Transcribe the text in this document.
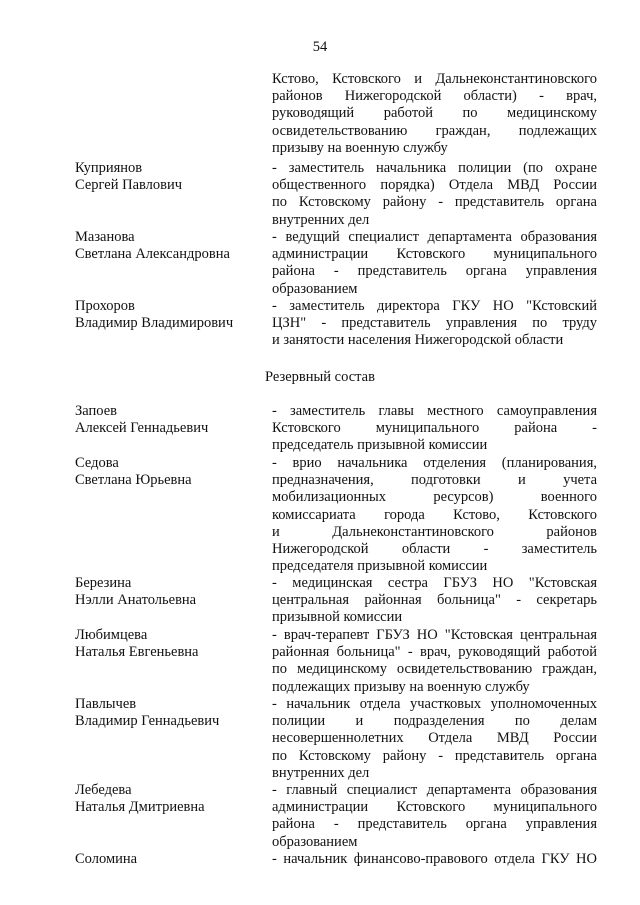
54
Кстово, Кстовского и Дальнеконстантиновского
районов Нижегородской области) - врач,
руководящий работой по медицинскому
освидетельствованию граждан, подлежащих
призыву на военную службу
Куприянов
Сергей Павлович
- заместитель начальника полиции (по охране
общественного порядка) Отдела МВД России
по Кстовскому району - представитель органа
внутренних дел
Мазанова
Светлана Александровна
- ведущий специалист департамента образования
администрации Кстовского муниципального
района - представитель органа управления
образованием
Прохоров
Владимир Владимирович
- заместитель директора ГКУ НО "Кстовский
ЦЗН" - представитель управления по труду
и занятости населения Нижегородской области
Резервный состав
Запоев
Алексей Геннадьевич
- заместитель главы местного самоуправления
Кстовского муниципального района -
председатель призывной комиссии
Седова
Светлана Юрьевна
- врио начальника отделения (планирования,
предназначения, подготовки и учета
мобилизационных ресурсов) военного
комиссариата города Кстово, Кстовского
и Дальнеконстантиновского районов
Нижегородской области - заместитель
председателя призывной комиссии
Березина
Нэлли Анатольевна
- медицинская сестра ГБУЗ НО "Кстовская
центральная районная больница" - секретарь
призывной комиссии
Любимцева
Наталья Евгеньевна
- врач-терапевт ГБУЗ НО "Кстовская центральная
районная больница" - врач, руководящий работой
по медицинскому освидетельствованию граждан,
подлежащих призыву на военную службу
Павлычев
Владимир Геннадьевич
- начальник отдела участковых уполномоченных
полиции и подразделения по делам
несовершеннолетних Отдела МВД России
по Кстовскому району - представитель органа
внутренних дел
Лебедева
Наталья Дмитриевна
- главный специалист департамента образования
администрации Кстовского муниципального
района - представитель органа управления
образованием
Соломина	- начальник финансово-правового отдела ГКУ НО
